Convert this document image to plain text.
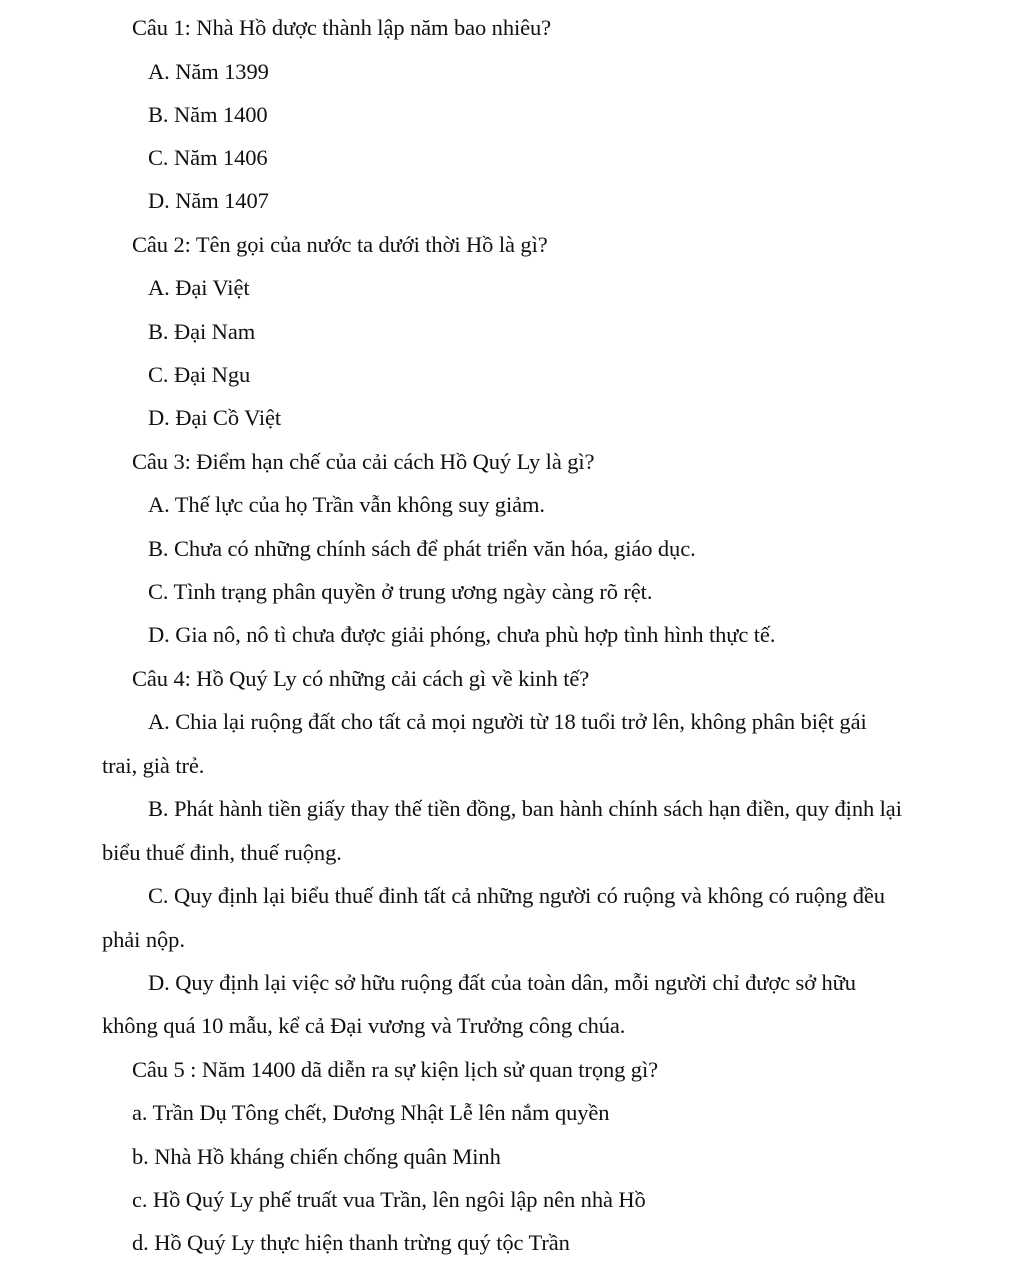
Câu 1: Nhà Hồ dược thành lập năm bao nhiêu?
A. Năm 1399
B. Năm 1400
C. Năm 1406
D. Năm 1407
Câu 2: Tên gọi của nước ta dưới thời Hồ là gì?
A. Đại Việt
B. Đại Nam
C. Đại Ngu
D. Đại Cồ Việt
Câu 3: Điểm hạn chế của cải cách Hồ Quý Ly là gì?
A. Thế lực của họ Trần vẫn không suy giảm.
B. Chưa có những chính sách để phát triển văn hóa, giáo dục.
C. Tình trạng phân quyền ở trung ương ngày càng rõ rệt.
D. Gia nô, nô tì chưa được giải phóng, chưa phù hợp tình hình thực tế.
Câu 4: Hồ Quý Ly có những cải cách gì về kinh tế?
A. Chia lại ruộng đất cho tất cả mọi người từ 18 tuổi trở lên, không phân biệt gái
trai, già trẻ.
B. Phát hành tiền giấy thay thế tiền đồng, ban hành chính sách hạn điền, quy định lại
biểu thuế đinh, thuế ruộng.
C. Quy định lại biểu thuế đinh tất cả những người có ruộng và không có ruộng đều
phải nộp.
D. Quy định lại việc sở hữu ruộng đất của toàn dân, mỗi người chỉ được sở hữu
không quá 10 mẫu, kể cả Đại vương và Trưởng công chúa.
Câu 5 : Năm 1400 dã diễn ra sự kiện lịch sử quan trọng gì?
a. Trần Dụ Tông chết, Dương Nhật Lễ lên nắm quyền
b. Nhà Hồ kháng chiến chống quân Minh
c. Hồ Quý Ly phế truất vua Trần, lên ngôi lập nên nhà Hồ
d. Hồ Quý Ly thực hiện thanh trừng quý tộc Trần
